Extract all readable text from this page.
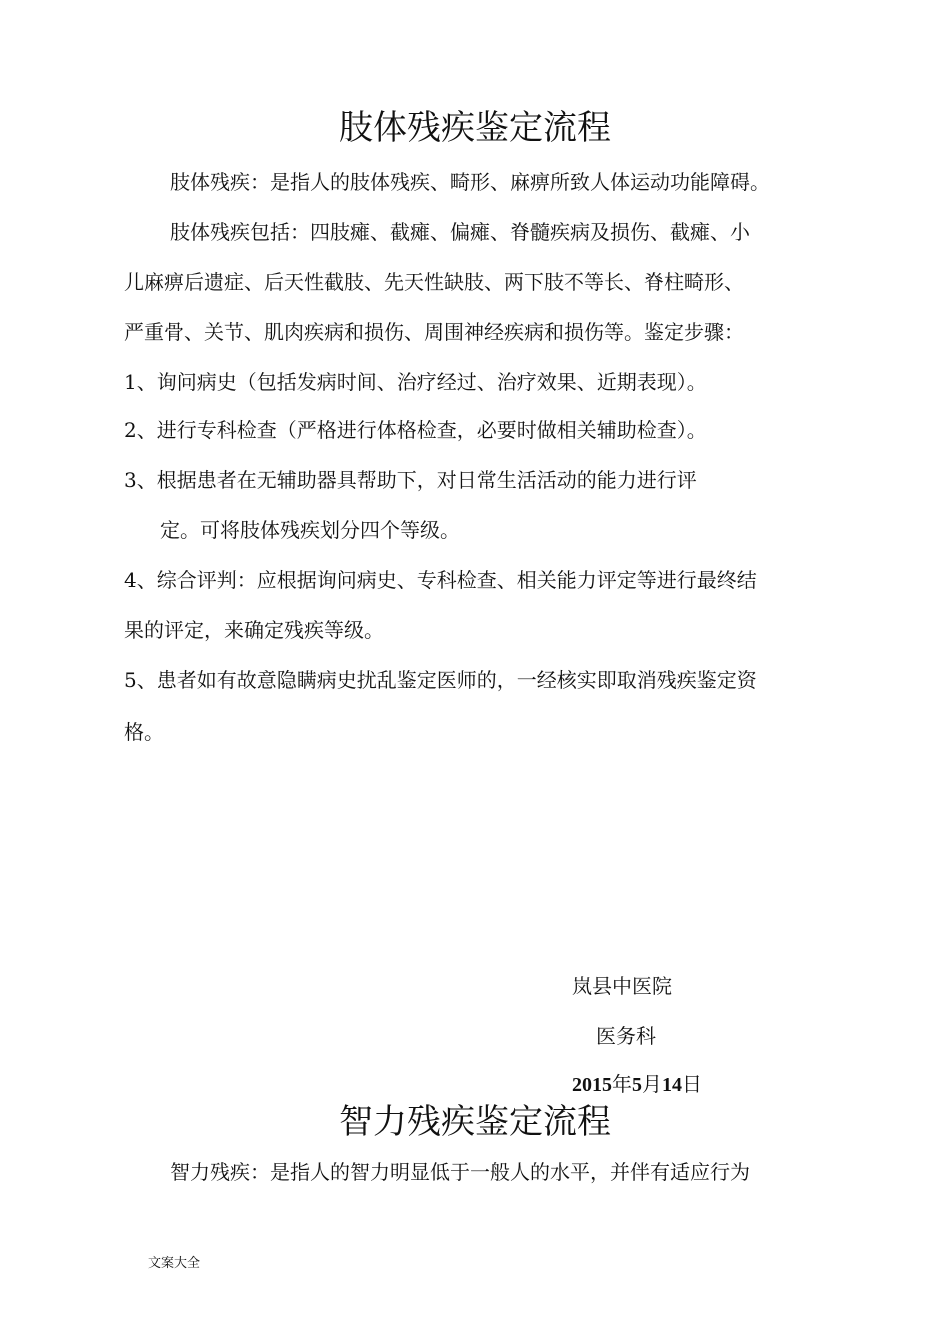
肢体残疾鉴定流程

肢体残疾：是指人的肢体残疾、畸形、麻痹所致人体运动功能障碍。

肢体残疾包括：四肢瘫、截瘫、偏瘫、脊髓疾病及损伤、截瘫、小

儿麻痹后遗症、后天性截肢、先天性缺肢、两下肢不等长、脊柱畸形、

严重骨、关节、肌肉疾病和损伤、周围神经疾病和损伤等。鉴定步骤：

1、询问病史（包括发病时间、治疗经过、治疗效果、近期表现）。

2、进行专科检查（严格进行体格检查，必要时做相关辅助检查）。

3、根据患者在无辅助器具帮助下，对日常生活活动的能力进行评

定。可将肢体残疾划分四个等级。

4、综合评判：应根据询问病史、专科检查、相关能力评定等进行最终结

果的评定，来确定残疾等级。

5、患者如有故意隐瞒病史扰乱鉴定医师的，一经核实即取消残疾鉴定资

格。

岚县中医院

医务科

2015年5月14日

智力残疾鉴定流程

智力残疾：是指人的智力明显低于一般人的水平，并伴有适应行为

文案大全
